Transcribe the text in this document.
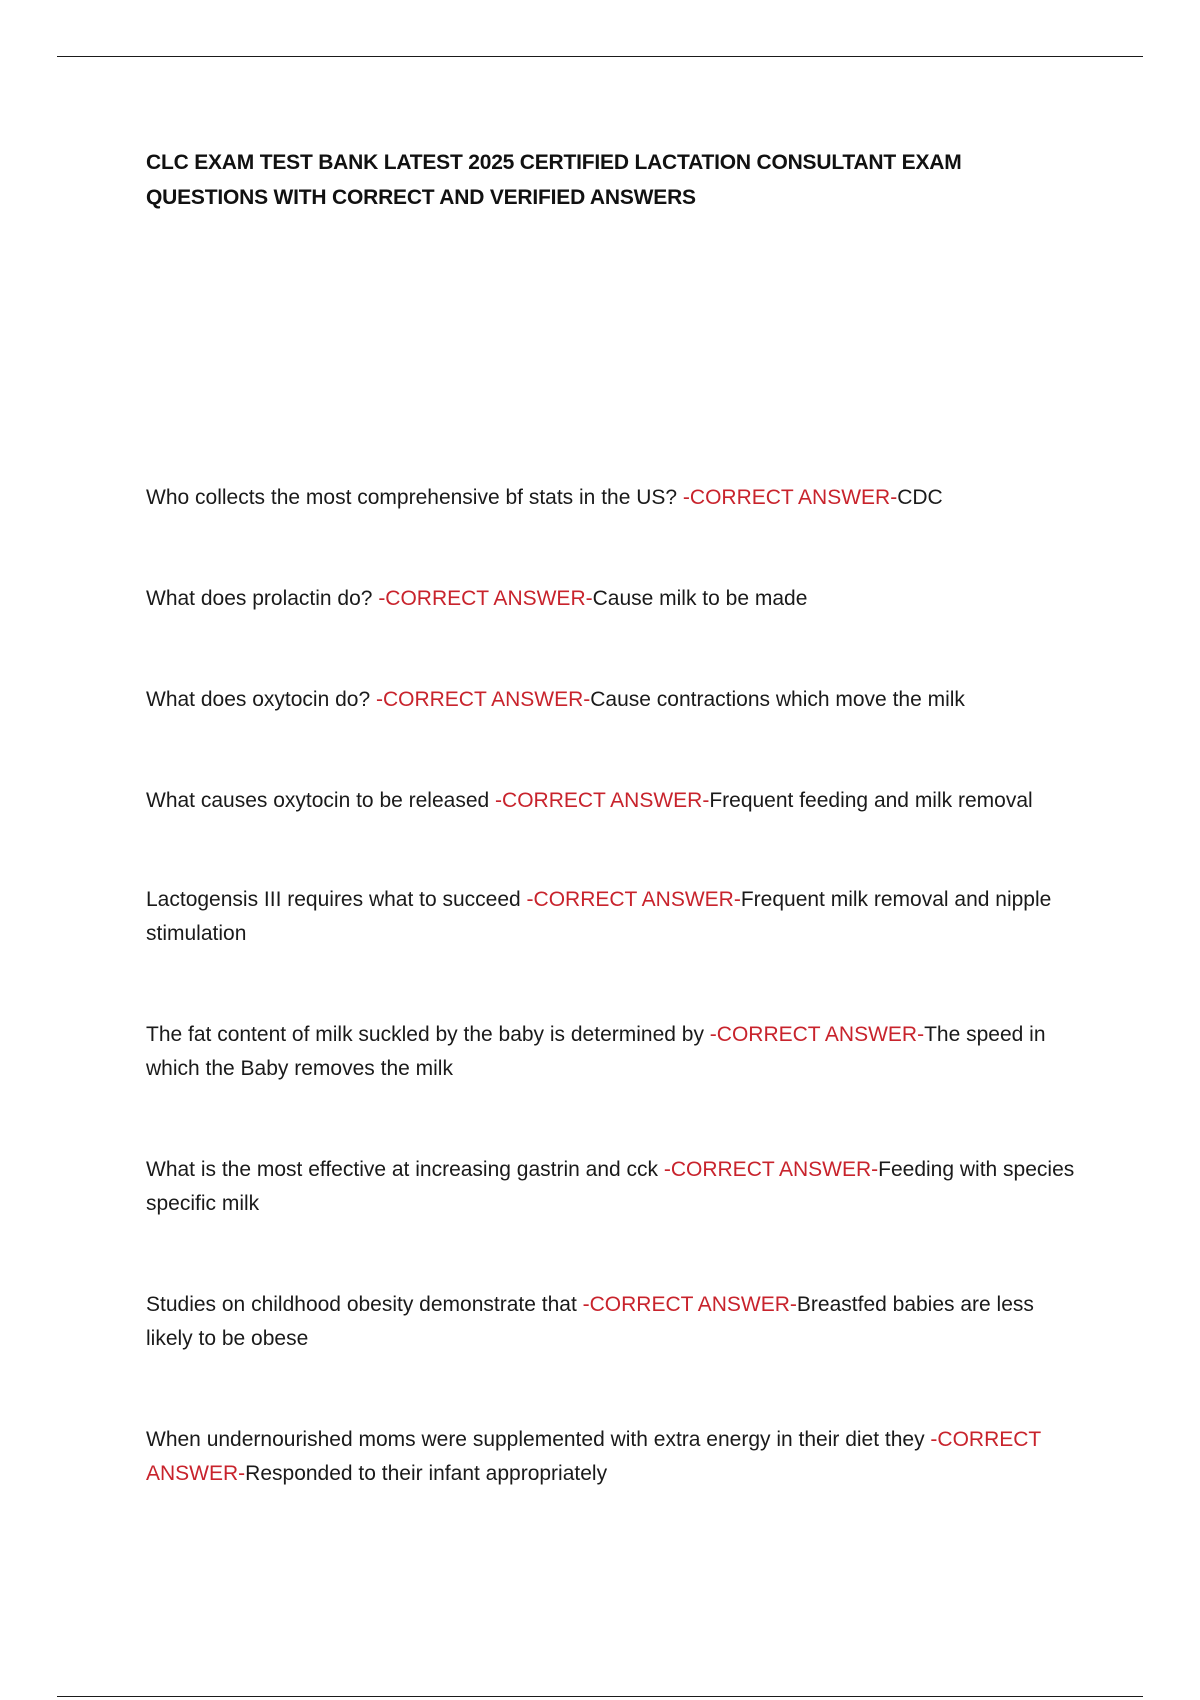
CLC EXAM TEST BANK LATEST 2025 CERTIFIED LACTATION CONSULTANT EXAM QUESTIONS WITH CORRECT AND VERIFIED ANSWERS

Who collects the most comprehensive bf stats in the US? -CORRECT ANSWER-CDC

What does prolactin do? -CORRECT ANSWER-Cause milk to be made

What does oxytocin do? -CORRECT ANSWER-Cause contractions which move the milk

What causes oxytocin to be released -CORRECT ANSWER-Frequent feeding and milk removal

Lactogensis III requires what to succeed -CORRECT ANSWER-Frequent milk removal and nipple stimulation

The fat content of milk suckled by the baby is determined by -CORRECT ANSWER-The speed in which the Baby removes the milk

What is the most effective at increasing gastrin and cck -CORRECT ANSWER-Feeding with species specific milk

Studies on childhood obesity demonstrate that -CORRECT ANSWER-Breastfed babies are less likely to be obese

When undernourished moms were supplemented with extra energy in their diet they -CORRECT ANSWER-Responded to their infant appropriately
